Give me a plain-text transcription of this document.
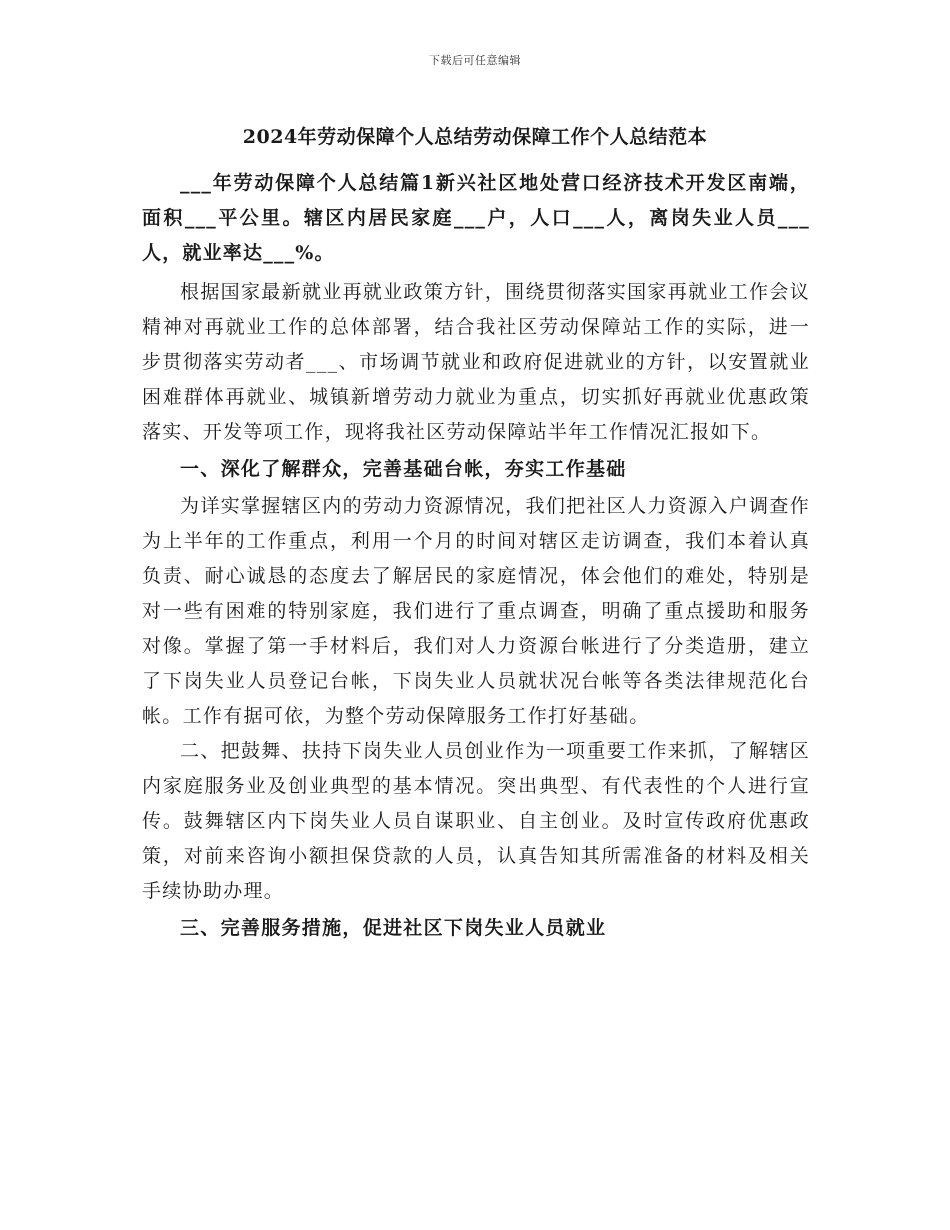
下载后可任意编辑
2024年劳动保障个人总结劳动保障工作个人总结范本

___年劳动保障个人总结篇1新兴社区地处营口经济技术开发区南端，面积___平公里。辖区内居民家庭___户，人口___人，离岗失业人员___人，就业率达___%。

根据国家最新就业再就业政策方针，围绕贯彻落实国家再就业工作会议精神对再就业工作的总体部署，结合我社区劳动保障站工作的实际，进一步贯彻落实劳动者___、市场调节就业和政府促进就业的方针，以安置就业困难群体再就业、城镇新增劳动力就业为重点，切实抓好再就业优惠政策落实、开发等项工作，现将我社区劳动保障站半年工作情况汇报如下。

一、深化了解群众，完善基础台帐，夯实工作基础

为详实掌握辖区内的劳动力资源情况，我们把社区人力资源入户调查作为上半年的工作重点，利用一个月的时间对辖区走访调查，我们本着认真负责、耐心诚恳的态度去了解居民的家庭情况，体会他们的难处，特别是对一些有困难的特别家庭，我们进行了重点调查，明确了重点援助和服务对像。掌握了第一手材料后，我们对人力资源台帐进行了分类造册，建立了下岗失业人员登记台帐，下岗失业人员就状况台帐等各类法律规范化台帐。工作有据可依，为整个劳动保障服务工作打好基础。

二、把鼓舞、扶持下岗失业人员创业作为一项重要工作来抓，了解辖区内家庭服务业及创业典型的基本情况。突出典型、有代表性的个人进行宣传。鼓舞辖区内下岗失业人员自谋职业、自主创业。及时宣传政府优惠政策，对前来咨询小额担保贷款的人员，认真告知其所需准备的材料及相关手续协助办理。

三、完善服务措施，促进社区下岗失业人员就业
